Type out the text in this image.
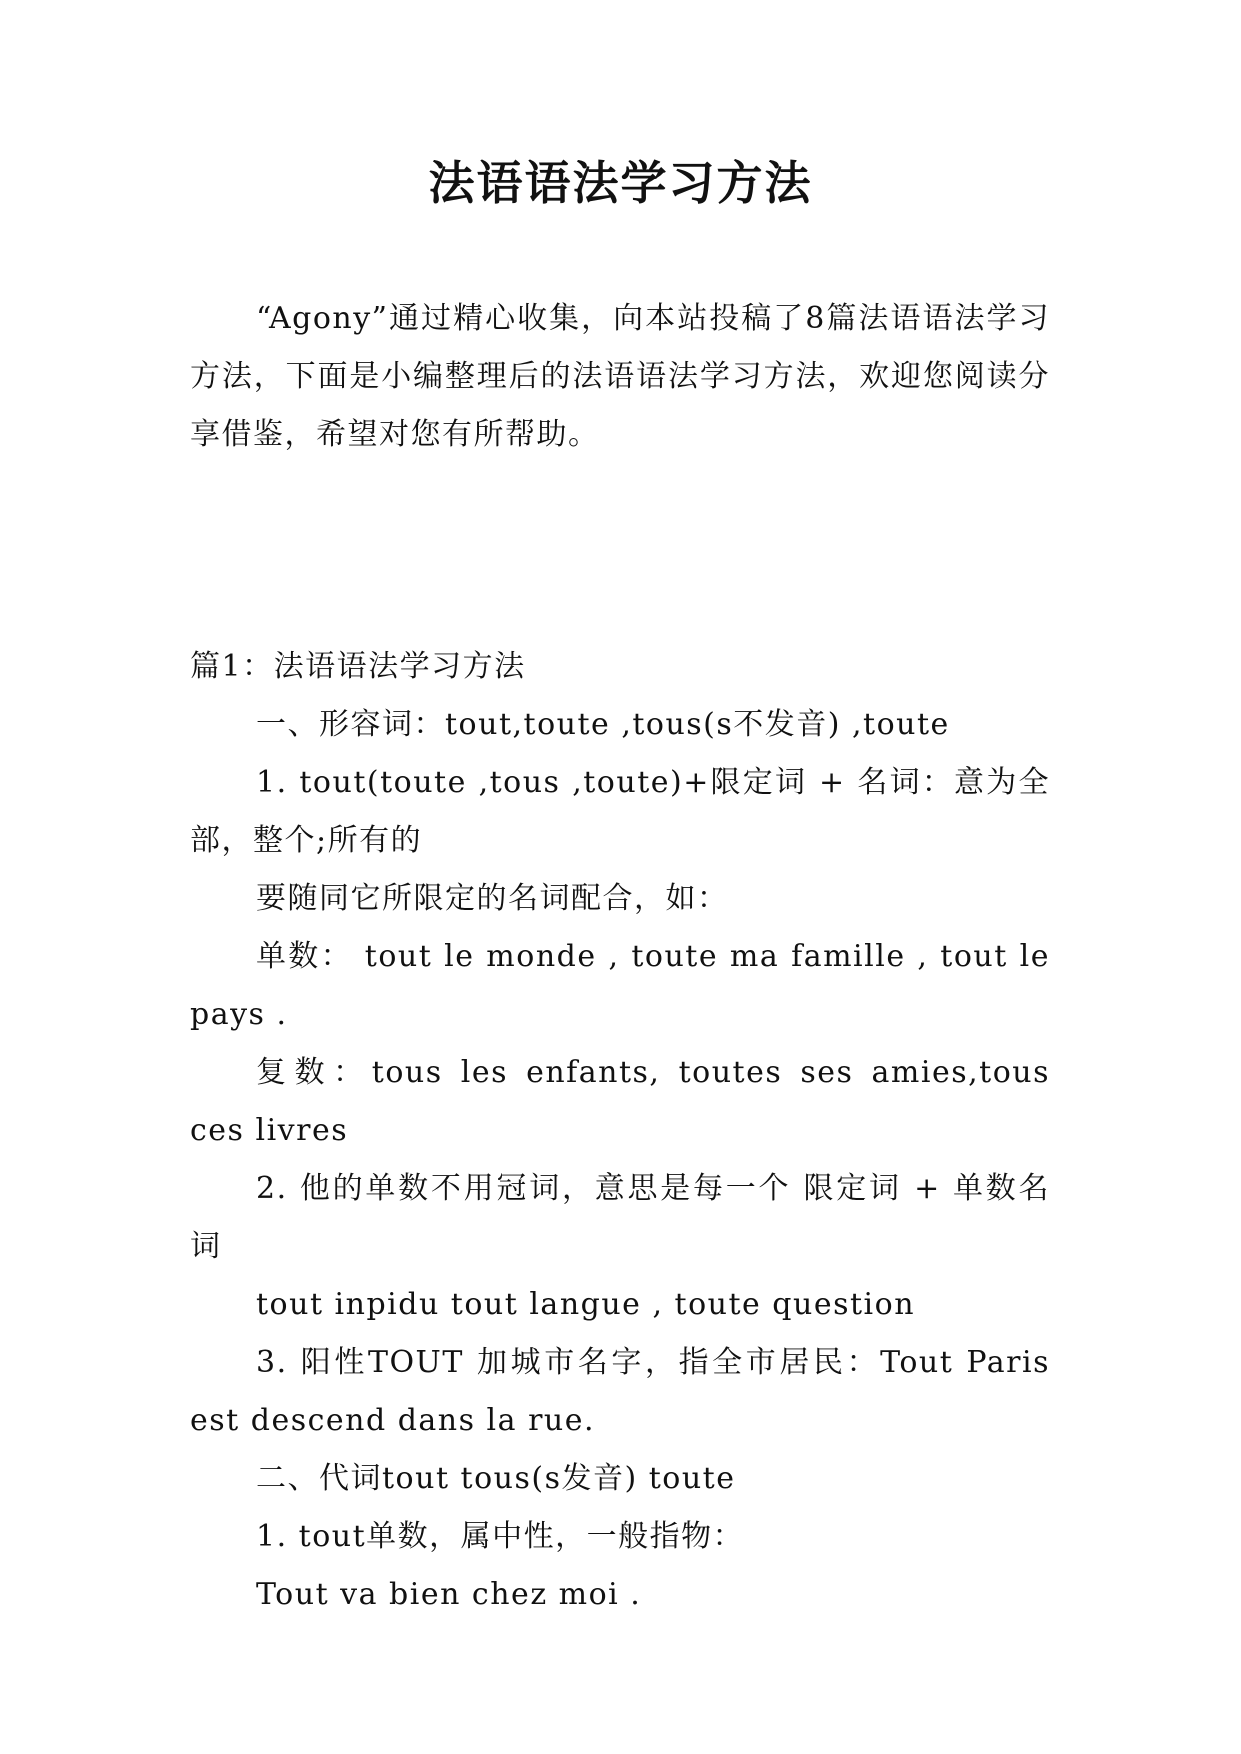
法语语法学习方法

“Agony”通过精心收集，向本站投稿了8篇法语语法学习方法，下面是小编整理后的法语语法学习方法，欢迎您阅读分享借鉴，希望对您有所帮助。

篇1：法语语法学习方法

一、形容词：tout,toute ,tous(s不发音) ,toute

1. tout(toute ,tous ,toute)+限定词 + 名词：意为全部，整个;所有的

要随同它所限定的名词配合，如：

单数： tout le monde , toute ma famille , tout le pays .

复数：tous les enfants, toutes ses amies,tous ces livres

2. 他的单数不用冠词，意思是每一个 限定词 + 单数名词

tout inpidu tout langue , toute question

3. 阳性TOUT 加城市名字，指全市居民：Tout Paris est descend dans la rue.

二、代词tout tous(s发音) toute

1. tout单数，属中性，一般指物：

Tout va bien chez moi .
